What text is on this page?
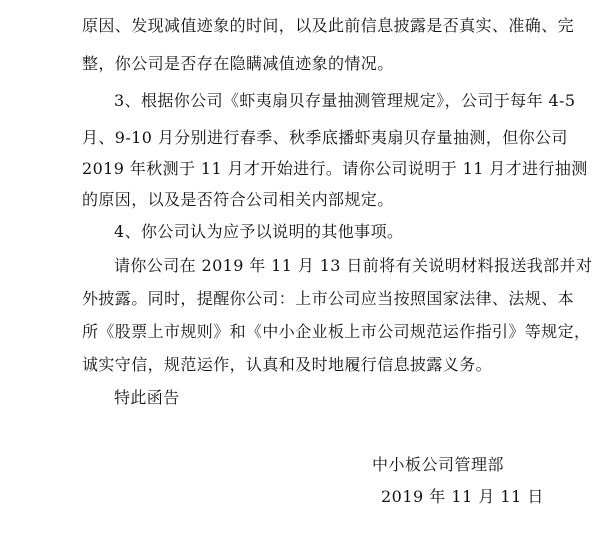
原因、发现减值迹象的时间，以及此前信息披露是否真实、准确、完
整，你公司是否存在隐瞒减值迹象的情况。
3、根据你公司《虾夷扇贝存量抽测管理规定》，公司于每年 4-5
月、9-10 月分别进行春季、秋季底播虾夷扇贝存量抽测，但你公司
2019 年秋测于 11 月才开始进行。请你公司说明于 11 月才进行抽测
的原因，以及是否符合公司相关内部规定。
4、你公司认为应予以说明的其他事项。
请你公司在 2019 年 11 月 13 日前将有关说明材料报送我部并对
外披露。同时，提醒你公司：上市公司应当按照国家法律、法规、本
所《股票上市规则》和《中小企业板上市公司规范运作指引》等规定，
诚实守信，规范运作，认真和及时地履行信息披露义务。
特此函告
中小板公司管理部
2019 年 11 月 11 日
